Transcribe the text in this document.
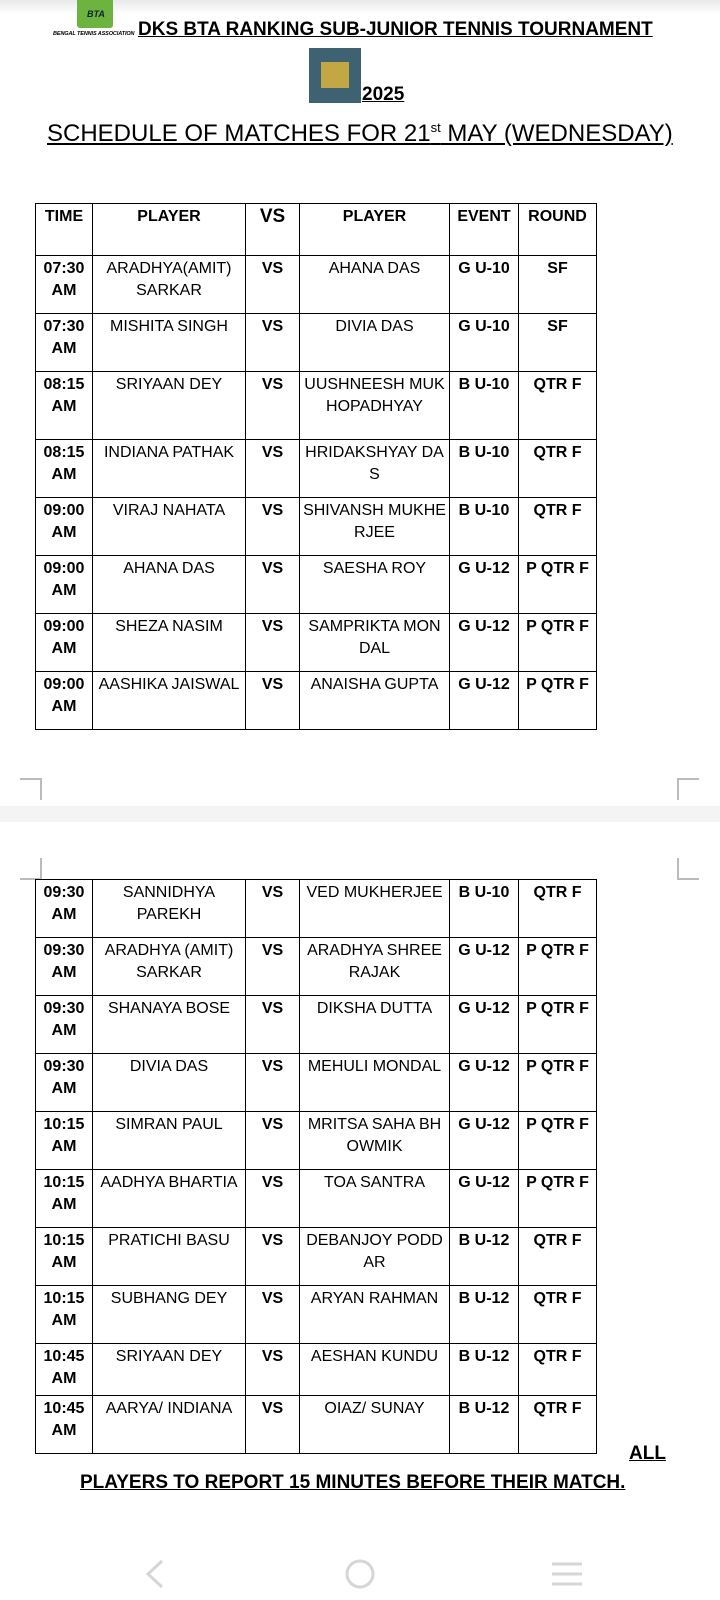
BTA
BENGAL TENNIS ASSOCIATION DKS BTA RANKING SUB-JUNIOR TENNIS TOURNAMENT
2025
SCHEDULE OF MATCHES FOR 21st MAY (WEDNESDAY)
TIME	PLAYER	VS	PLAYER	EVENT	ROUND
07:30 AM	ARADHYA(AMIT) SARKAR	VS	AHANA DAS	G U-10	SF
07:30 AM	MISHITA SINGH	VS	DIVIA DAS	G U-10	SF
08:15 AM	SRIYAAN DEY	VS	UUSHNEESH MUKHOPADHYAY	B U-10	QTR F
08:15 AM	INDIANA PATHAK	VS	HRIDAKSHYAY DAS	B U-10	QTR F
09:00 AM	VIRAJ NAHATA	VS	SHIVANSH MUKHERJEE	B U-10	QTR F
09:00 AM	AHANA DAS	VS	SAESHA ROY	G U-12	P QTR F
09:00 AM	SHEZA NASIM	VS	SAMPRIKTA MONDAL	G U-12	P QTR F
09:00 AM	AASHIKA JAISWAL	VS	ANAISHA GUPTA	G U-12	P QTR F
09:30 AM	SANNIDHYA PAREKH	VS	VED MUKHERJEE	B U-10	QTR F
09:30 AM	ARADHYA (AMIT) SARKAR	VS	ARADHYA SHREE RAJAK	G U-12	P QTR F
09:30 AM	SHANAYA BOSE	VS	DIKSHA DUTTA	G U-12	P QTR F
09:30 AM	DIVIA DAS	VS	MEHULI MONDAL	G U-12	P QTR F
10:15 AM	SIMRAN PAUL	VS	MRITSA SAHA BHOWMIK	G U-12	P QTR F
10:15 AM	AADHYA BHARTIA	VS	TOA SANTRA	G U-12	P QTR F
10:15 AM	PRATICHI BASU	VS	DEBANJOY PODDAR	B U-12	QTR F
10:15 AM	SUBHANG DEY	VS	ARYAN RAHMAN	B U-12	QTR F
10:45 AM	SRIYAAN DEY	VS	AESHAN KUNDU	B U-12	QTR F
10:45 AM	AARYA/ INDIANA	VS	OIAZ/ SUNAY	B U-12	QTR F
ALL
PLAYERS TO REPORT 15 MINUTES BEFORE THEIR MATCH.
